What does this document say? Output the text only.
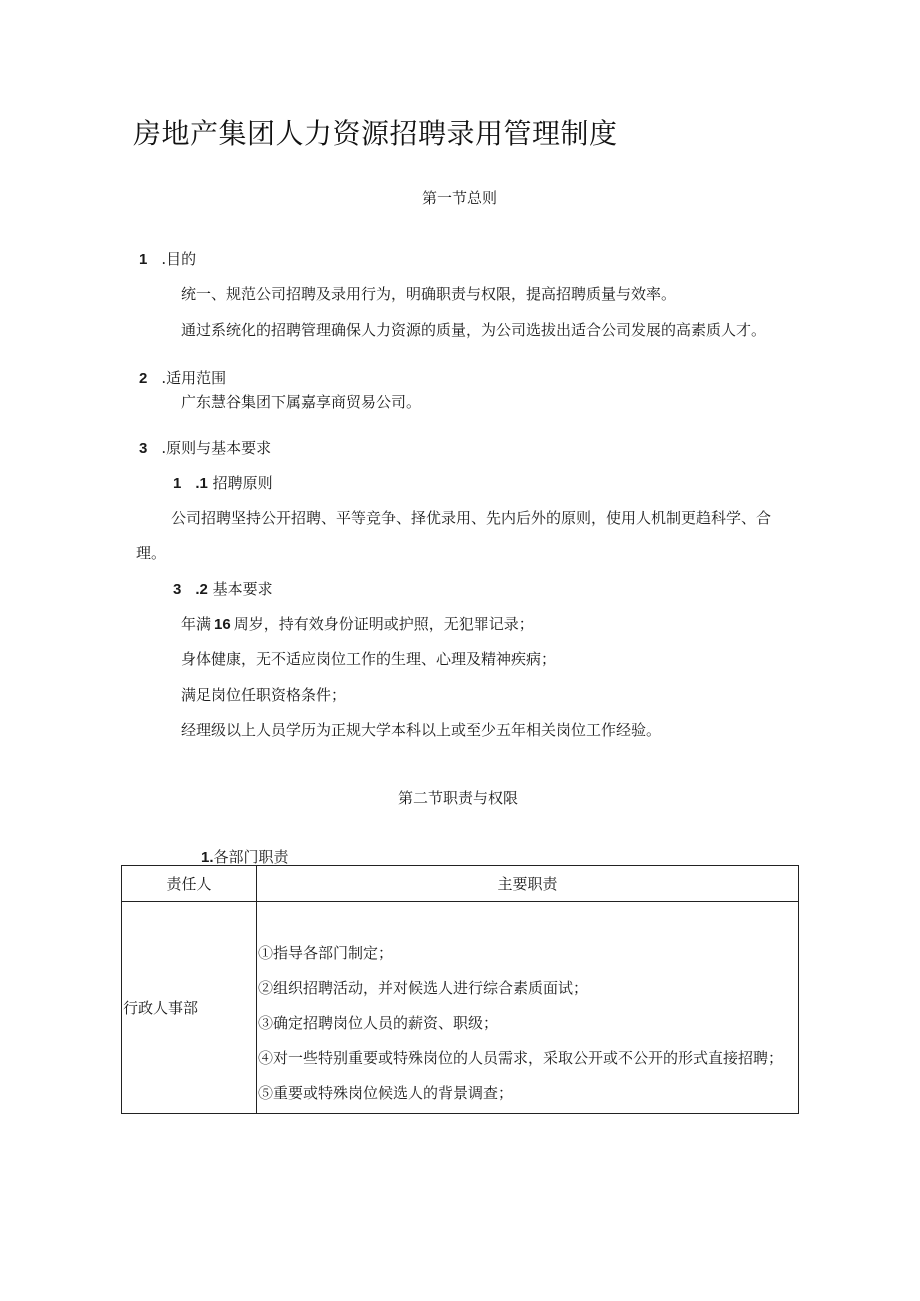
房地产集团人力资源招聘录用管理制度
第一节总则
1 .目的
统一、规范公司招聘及录用行为，明确职责与权限，提高招聘质量与效率。
通过系统化的招聘管理确保人力资源的质量，为公司选拔出适合公司发展的高素质人才。
2 .适用范围
广东慧谷集团下属嘉享商贸易公司。
3 .原则与基本要求
1 .1 招聘原则
公司招聘坚持公开招聘、平等竞争、择优录用、先内后外的原则，使用人机制更趋科学、合
理。
3 .2 基本要求
年满 16 周岁，持有效身份证明或护照，无犯罪记录；
身体健康，无不适应岗位工作的生理、心理及精神疾病；
满足岗位任职资格条件；
经理级以上人员学历为正规大学本科以上或至少五年相关岗位工作经验。
第二节职责与权限
1.各部门职责
责任人	主要职责
行政人事部	①指导各部门制定；
②组织招聘活动，并对候选人进行综合素质面试；
③确定招聘岗位人员的薪资、职级；
④对一些特别重要或特殊岗位的人员需求，采取公开或不公开的形式直接招聘；
⑤重要或特殊岗位候选人的背景调查；
